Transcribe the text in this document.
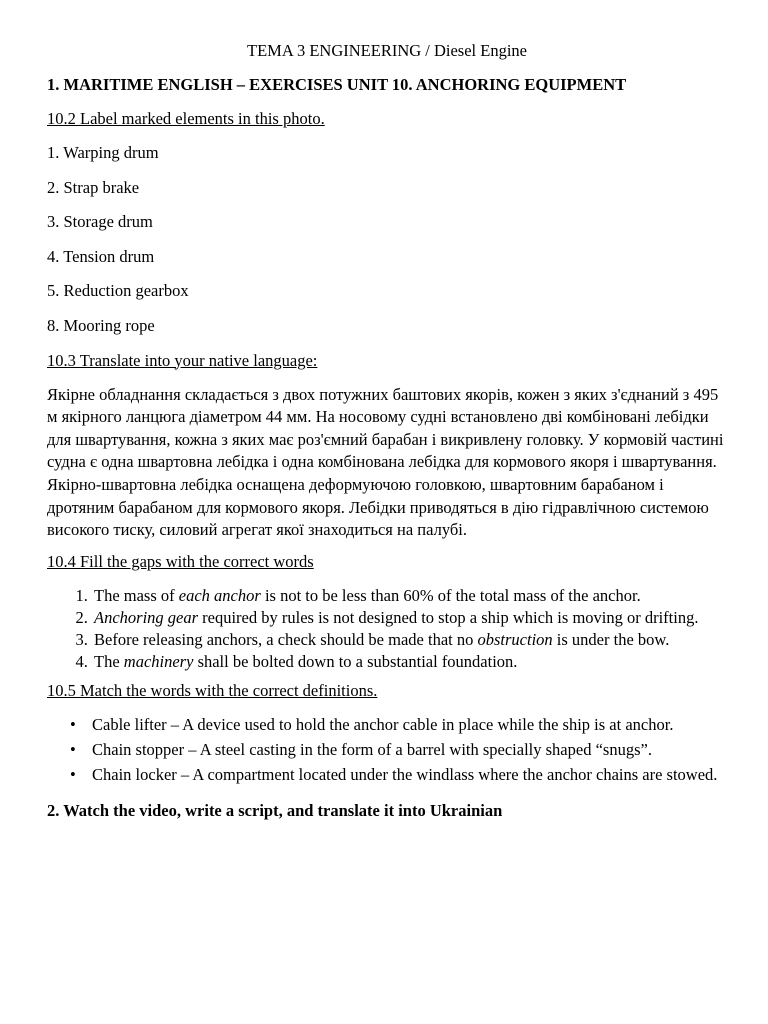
TEMA 3 ENGINEERING / Diesel Engine
1. MARITIME ENGLISH – EXERCISES UNIT 10. ANCHORING EQUIPMENT
10.2 Label marked elements in this photo.
1. Warping drum
2. Strap brake
3. Storage drum
4. Tension drum
5. Reduction gearbox
8. Mooring rope
10.3 Translate into your native language:
Якірне обладнання складається з двох потужних баштових якорів, кожен з яких з'єднаний з 495 м якірного ланцюга діаметром 44 мм. На носовому судні встановлено дві комбіновані лебідки для швартування, кожна з яких має роз'ємний барабан і викривлену головку. У кормовій частині судна є одна швартовна лебідка і одна комбінована лебідка для кормового якоря і швартування. Якірно-швартовна лебідка оснащена деформуючою головкою, швартовним барабаном і дротяним барабаном для кормового якоря. Лебідки приводяться в дію гідравлічною системою високого тиску, силовий агрегат якої знаходиться на палубі.
10.4 Fill the gaps with the correct words
1. The mass of each anchor is not to be less than 60% of the total mass of the anchor.
2. Anchoring gear required by rules is not designed to stop a ship which is moving or drifting.
3. Before releasing anchors, a check should be made that no obstruction is under the bow.
4. The machinery shall be bolted down to a substantial foundation.
10.5 Match the words with the correct definitions.
• Cable lifter – A device used to hold the anchor cable in place while the ship is at anchor.
• Chain stopper – A steel casting in the form of a barrel with specially shaped “snugs”.
• Chain locker – A compartment located under the windlass where the anchor chains are stowed.
2. Watch the video, write a script, and translate it into Ukrainian
